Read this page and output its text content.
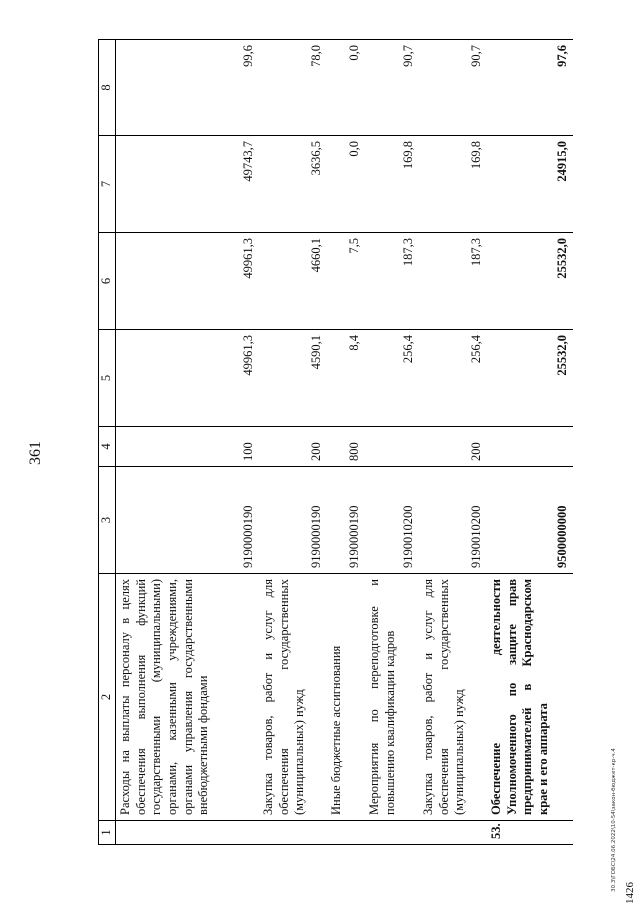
361
30.3\ГОБС\24.06.2022\10-54\закон-бюджет-кр-ч.4
1426
1	2	3	4	5	6	7	8
	Расходы на выплаты персоналу в целях обеспечения выполнения функций государственными (муниципальными) органами, казенными учреждениями, органами управления государственными внебюджетными фондами	9190000190	100	49961,3	49961,3	49743,7	99,6
	Закупка товаров, работ и услуг для обеспечения государственных (муниципальных) нужд	9190000190	200	4590,1	4660,1	3636,5	78,0
	Иные бюджетные ассигнования	9190000190	800	8,4	7,5	0,0	0,0
	Мероприятия по переподготовке и повышению квалификации кадров	9190010200		256,4	187,3	169,8	90,7
	Закупка товаров, работ и услуг для обеспечения государственных (муниципальных) нужд	9190010200	200	256,4	187,3	169,8	90,7
53.	Обеспечение деятельности Уполномоченного по защите прав предпринимателей в Краснодарском крае и его аппарата	9500000000		25532,0	25532,0	24915,0	97,6
